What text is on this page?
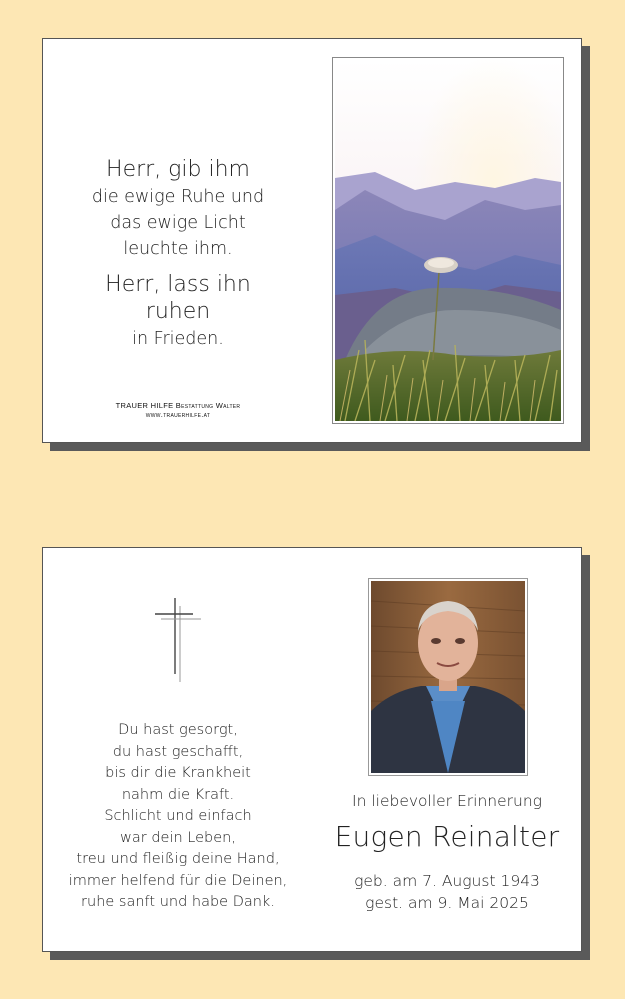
Herr, gib ihm

die ewige Ruhe und

das ewige Licht

leuchte ihm.

Herr, lass ihn ruhen

in Frieden.

TRAUER HILFE Bestattung Walter
www.trauerhilfe.at

Du hast gesorgt,

du hast geschafft,

bis dir die Krankheit

nahm die Kraft.

Schlicht und einfach

war dein Leben,

treu und fleißig deine Hand,

immer helfend für die Deinen,

ruhe sanft und habe Dank.

In liebevoller Erinnerung
Eugen Reinalter

geb. am 7. August 1943

gest. am 9. Mai 2025
